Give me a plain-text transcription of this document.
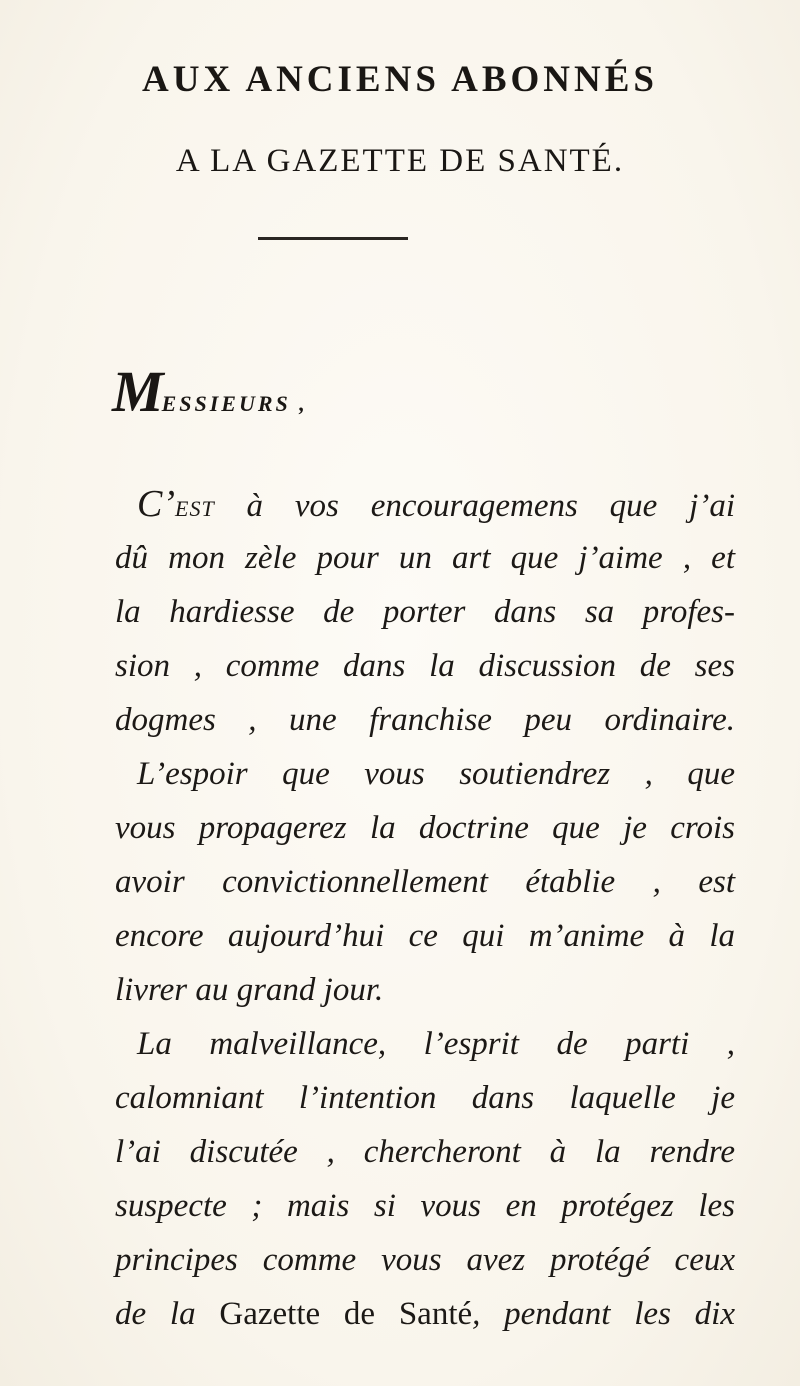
AUX ANCIENS ABONNÉS
A LA GAZETTE DE SANTÉ.
MESSIEURS ,
C’EST à vos encouragemens que j’ai
dû mon zèle pour un art que j’aime , et
la hardiesse de porter dans sa profes-
sion , comme dans la discussion de ses
dogmes , une franchise peu ordinaire.
L’espoir que vous soutiendrez , que
vous propagerez la doctrine que je crois
avoir convictionnellement établie , est
encore aujourd’hui ce qui m’anime à la
livrer au grand jour.
La malveillance, l’esprit de parti ,
calomniant l’intention dans laquelle je
l’ai discutée , chercheront à la rendre
suspecte ; mais si vous en protégez les
principes comme vous avez protégé ceux
de la Gazette de Santé, pendant les dix
